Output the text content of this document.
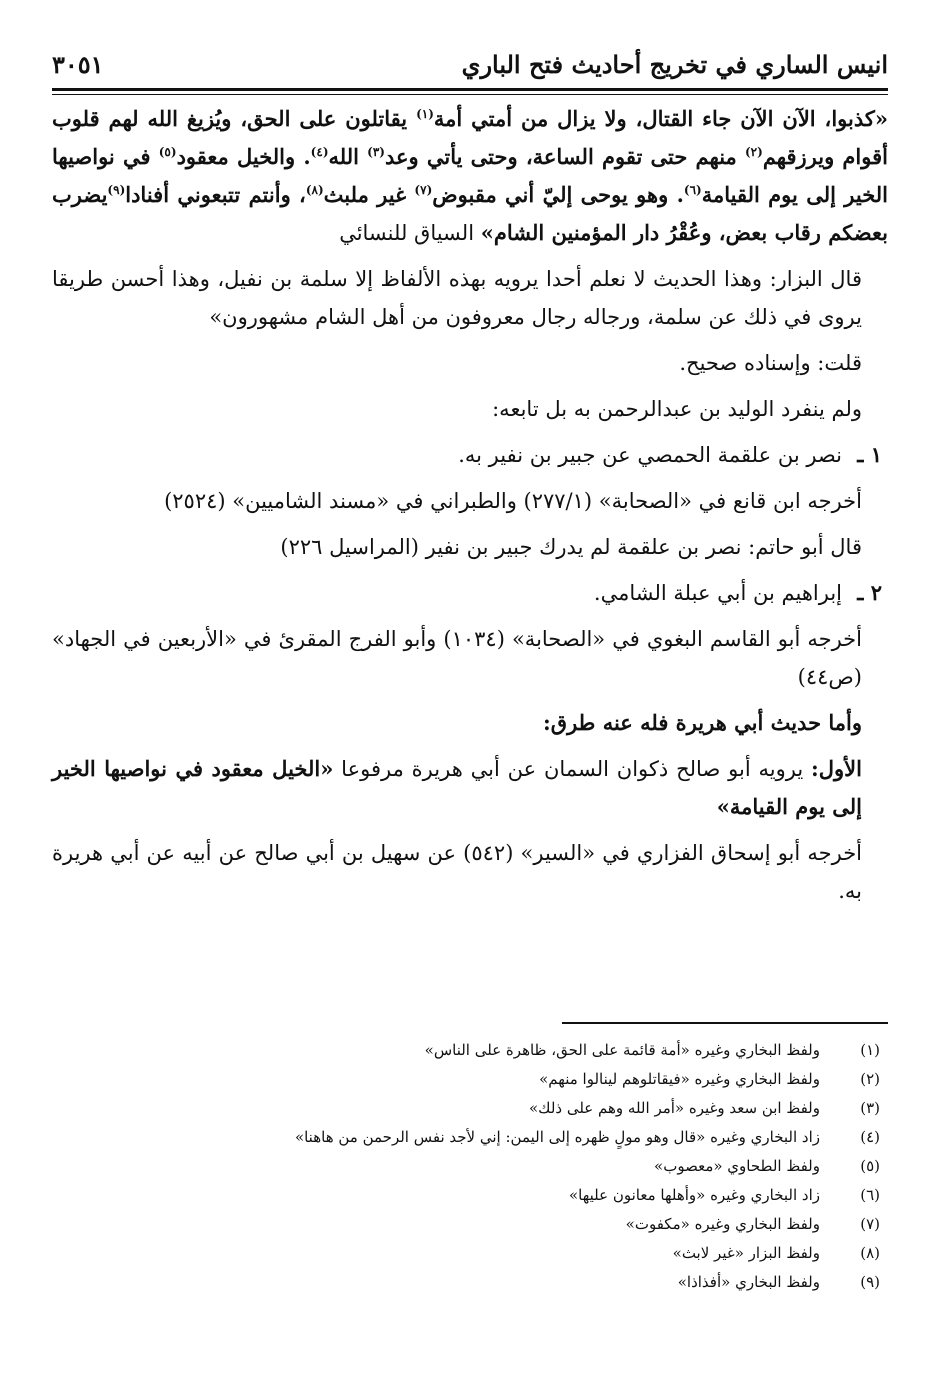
انيس الساري في تخريج أحاديث فتح الباري
٣٠٥١

«كذبوا، الآن الآن جاء القتال، ولا يزال من أمتي أمة$^{(١)}$ يقاتلون على الحق، ويُزيغ الله لهم قلوب أقوام ويرزقهم$^{(٢)}$ منهم حتى تقوم الساعة، وحتى يأتي وعد$^{(٣)}$ الله$^{(٤)}$. والخيل معقود$^{(٥)}$ في نواصيها الخير إلى يوم القيامة$^{(٦)}$. وهو يوحى إليّ أني مقبوض$^{(٧)}$ غير ملبث$^{(٨)}$، وأنتم تتبعوني أفنادا$^{(٩)}$يضرب بعضكم رقاب بعض، وعُقْرُ دار المؤمنين الشام» السياق للنسائي

قال البزار: وهذا الحديث لا نعلم أحدا يرويه بهذه الألفاظ إلا سلمة بن نفيل، وهذا أحسن طريقا يروى في ذلك عن سلمة، ورجاله رجال معروفون من أهل الشام مشهورون»

قلت: وإسناده صحيح.

ولم ينفرد الوليد بن عبدالرحمن به بل تابعه:

١ ـ
نصر بن علقمة الحمصي عن جبير بن نفير به.

أخرجه ابن قانع في «الصحابة» (٢٧٧/١) والطبراني في «مسند الشاميين» (٢٥٢٤)

قال أبو حاتم: نصر بن علقمة لم يدرك جبير بن نفير (المراسيل ٢٢٦)

٢ ـ
إبراهيم بن أبي عبلة الشامي.

أخرجه أبو القاسم البغوي في «الصحابة» (١٠٣٤) وأبو الفرج المقرئ في «الأربعين في الجهاد» (ص٤٤)

وأما حديث أبي هريرة فله عنه طرق:

الأول: يرويه أبو صالح ذكوان السمان عن أبي هريرة مرفوعا «الخيل معقود في نواصيها الخير إلى يوم القيامة»

أخرجه أبو إسحاق الفزاري في «السير» (٥٤٢) عن سهيل بن أبي صالح عن أبيه عن أبي هريرة به.

(١)
ولفظ البخاري وغيره «أمة قائمة على الحق، ظاهرة على الناس»
(٢)
ولفظ البخاري وغيره «فيقاتلوهم لينالوا منهم»
(٣)
ولفظ ابن سعد وغيره «أمر الله وهم على ذلك»
(٤)
زاد البخاري وغيره «قال وهو مولٍ ظهره إلى اليمن: إني لأجد نفس الرحمن من هاهنا»
(٥)
ولفظ الطحاوي «معصوب»
(٦)
زاد البخاري وغيره «وأهلها معانون عليها»
(٧)
ولفظ البخاري وغيره «مكفوت»
(٨)
ولفظ البزار «غير لابث»
(٩)
ولفظ البخاري «أفذاذا»
